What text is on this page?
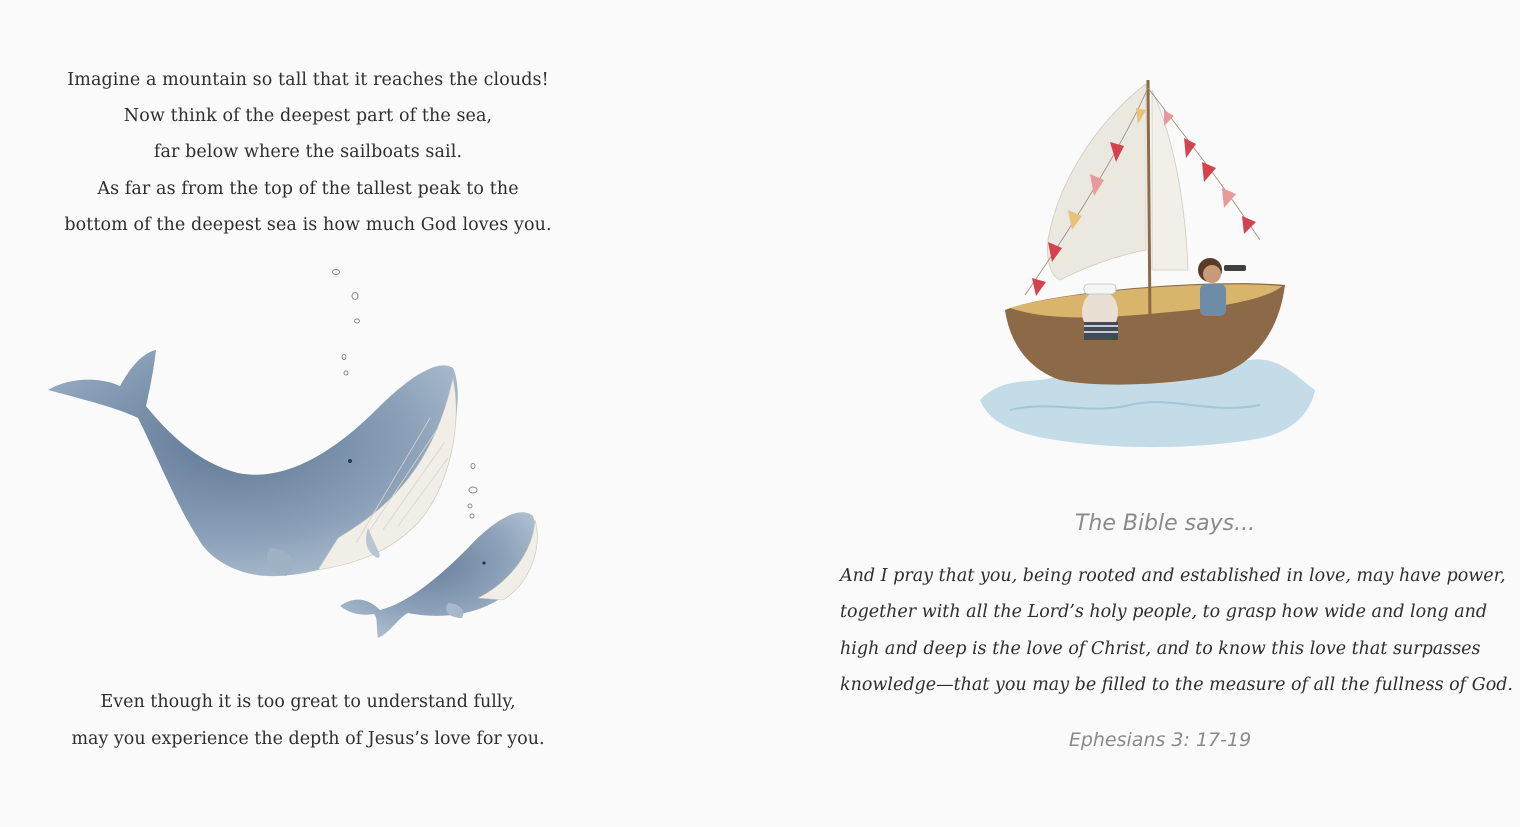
Imagine a mountain so tall that it reaches the clouds!
Now think of the deepest part of the sea,
far below where the sailboats sail.
As far as from the top of the tallest peak to the
bottom of the deepest sea is how much God loves you.
Even though it is too great to understand fully,
may you experience the depth of Jesus’s love for you.
The Bible says...
And I pray that you, being rooted and established in love, may have power,
together with all the Lord’s holy people, to grasp how wide and long and
high and deep is the love of Christ, and to know this love that surpasses
knowledge—that you may be filled to the measure of all the fullness of God.
Ephesians 3: 17-19
